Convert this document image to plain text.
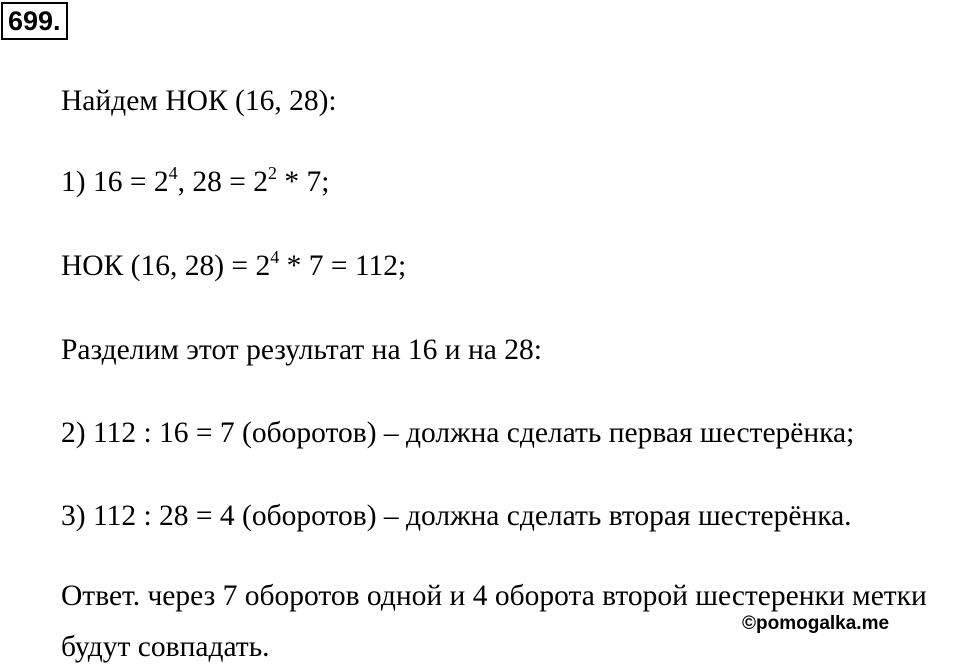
699.
Найдем НОК (16, 28):
1) $16 = 2^4$, $28 = 2^2 * 7$;
НОК (16, $28) = 2^4 * 7 = 112$;
Разделим этот результат на 16 и на 28:
2) 112 : 16 = 7 (оборотов) – должна сделать первая шестерёнка;
3) 112 : 28 = 4 (оборотов) – должна сделать вторая шестерёнка.
Ответ. через 7 оборотов одной и 4 оборота второй шестеренки метки
будут совпадать.
©pomogalka.me
